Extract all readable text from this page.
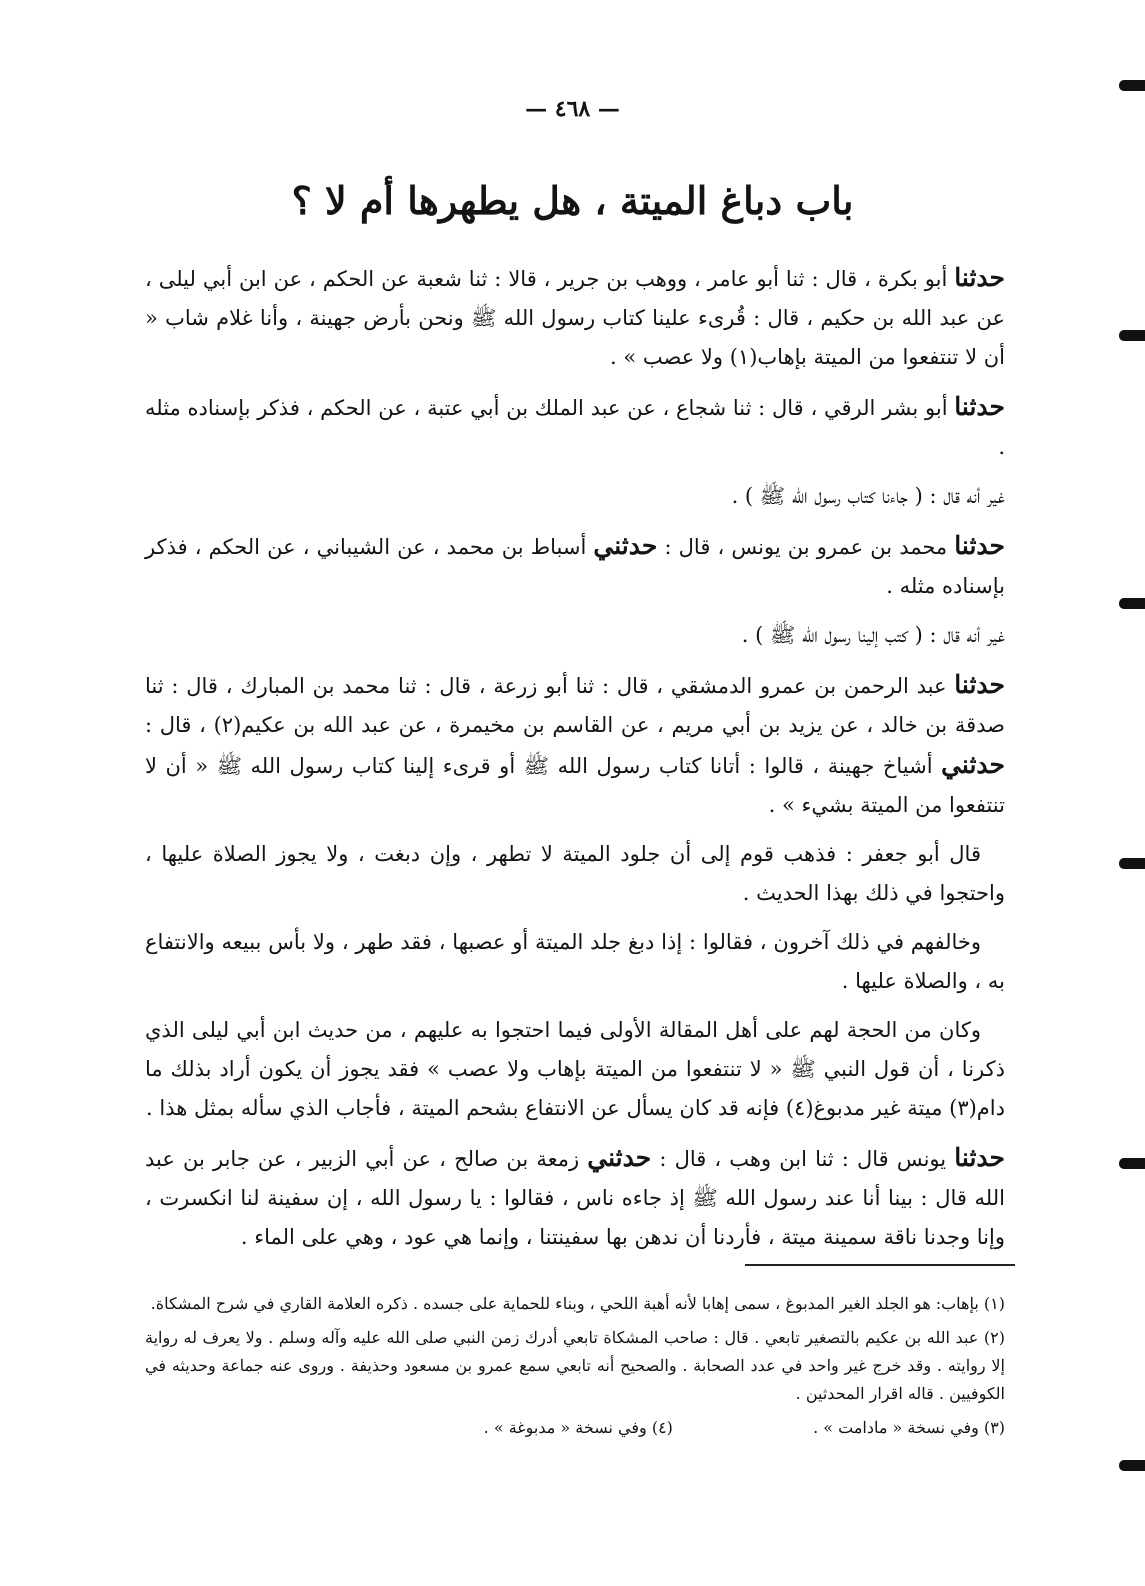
— ٤٦٨ —
باب دباغ الميتة ، هل يطهرها أم لا ؟

حدثنا أبو بكرة ، قال : ثنا أبو عامر ، ووهب بن جرير ، قالا : ثنا شعبة عن الحكم ، عن ابن أبي ليلى ، عن عبد الله بن حكيم ، قال : قُرىء علينا كتاب رسول الله ﷺ ونحن بأرض جهينة ، وأنا غلام شاب « أن لا تنتفعوا من الميتة بإهاب(١) ولا عصب » .

حدثنا أبو بشر الرقي ، قال : ثنا شجاع ، عن عبد الملك بن أبي عتبة ، عن الحكم ، فذكر بإسناده مثله .

غير أنه قال : ( جاءنا كتاب رسول الله ﷺ ) .

حدثنا محمد بن عمرو بن يونس ، قال : حدثني أسباط بن محمد ، عن الشيباني ، عن الحكم ، فذكر بإسناده مثله .

غير أنه قال : ( كتب إلينا رسول الله ﷺ ) .

حدثنا عبد الرحمن بن عمرو الدمشقي ، قال : ثنا أبو زرعة ، قال : ثنا محمد بن المبارك ، قال : ثنا صدقة بن خالد ، عن يزيد بن أبي مريم ، عن القاسم بن مخيمرة ، عن عبد الله بن عكيم(٢) ، قال : حدثني أشياخ جهينة ، قالوا : أتانا كتاب رسول الله ﷺ أو قرىء إلينا كتاب رسول الله ﷺ « أن لا تنتفعوا من الميتة بشيء » .

قال أبو جعفر : فذهب قوم إلى أن جلود الميتة لا تطهر ، وإن دبغت ، ولا يجوز الصلاة عليها ، واحتجوا في ذلك بهذا الحديث .

وخالفهم في ذلك آخرون ، فقالوا : إذا دبغ جلد الميتة أو عصبها ، فقد طهر ، ولا بأس ببيعه والانتفاع به ، والصلاة عليها .

وكان من الحجة لهم على أهل المقالة الأولى فيما احتجوا به عليهم ، من حديث ابن أبي ليلى الذي ذكرنا ، أن قول النبي ﷺ « لا تنتفعوا من الميتة بإهاب ولا عصب » فقد يجوز أن يكون أراد بذلك ما دام(٣) ميتة غير مدبوغ(٤) فإنه قد كان يسأل عن الانتفاع بشحم الميتة ، فأجاب الذي سأله بمثل هذا .

حدثنا يونس قال : ثنا ابن وهب ، قال : حدثني زمعة بن صالح ، عن أبي الزبير ، عن جابر بن عبد الله قال : بينا أنا عند رسول الله ﷺ إذ جاءه ناس ، فقالوا : يا رسول الله ، إن سفينة لنا انكسرت ، وإنا وجدنا ناقة سمينة ميتة ، فأردنا أن ندهن بها سفينتنا ، وإنما هي عود ، وهي على الماء .

(١) بإهاب: هو الجلد الغير المدبوغ ، سمى إهابا لأنه أهبة اللحي ، وبناء للحماية على جسده . ذكره العلامة القاري في شرح المشكاة.

(٢) عبد الله بن عكيم بالتصغير تابعي . قال : صاحب المشكاة تابعي أدرك زمن النبي صلى الله عليه وآله وسلم . ولا يعرف له رواية إلا روايته . وقد خرج غير واحد في عدد الصحابة . والصحيح أنه تابعي سمع عمرو بن مسعود وحذيفة . وروى عنه جماعة وحديثه في الكوفيين . قاله اقرار المحدثين .

(٣) وفي نسخة « مادامت » .  (٤) وفي نسخة « مدبوغة » .
